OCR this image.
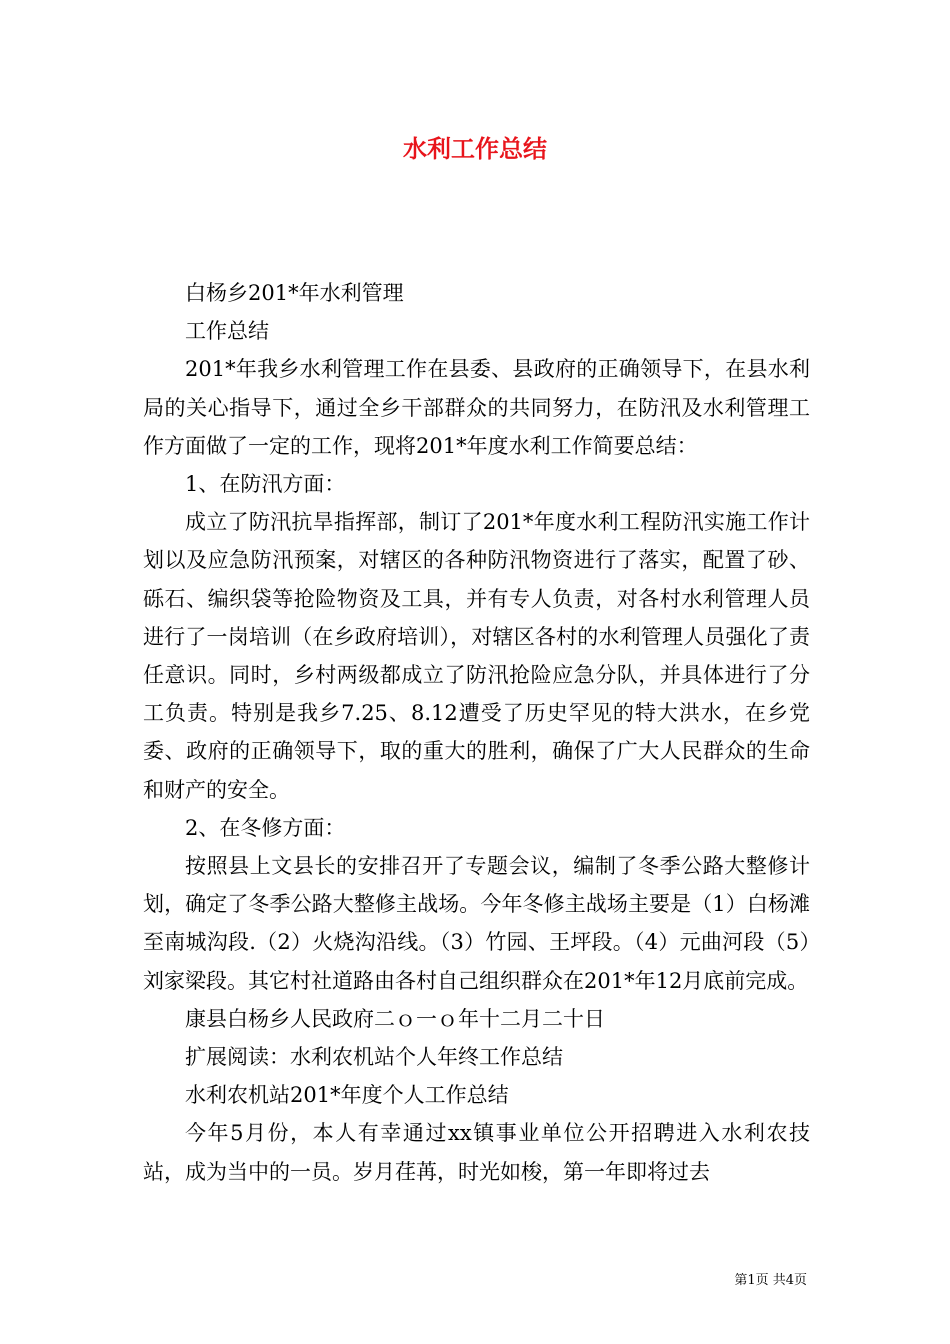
水利工作总结

白杨乡201*年水利管理

工作总结

201*年我乡水利管理工作在县委、县政府的正确领导下，在县水利局的关心指导下，通过全乡干部群众的共同努力，在防汛及水利管理工作方面做了一定的工作，现将201*年度水利工作简要总结：

1、在防汛方面：

成立了防汛抗旱指挥部，制订了201*年度水利工程防汛实施工作计划以及应急防汛预案，对辖区的各种防汛物资进行了落实，配置了砂、砾石、编织袋等抢险物资及工具，并有专人负责，对各村水利管理人员进行了一岗培训（在乡政府培训），对辖区各村的水利管理人员强化了责任意识。同时，乡村两级都成立了防汛抢险应急分队，并具体进行了分工负责。特别是我乡7.25、8.12遭受了历史罕见的特大洪水，在乡党委、政府的正确领导下，取的重大的胜利，确保了广大人民群众的生命和财产的安全。

2、在冬修方面：

按照县上文县长的安排召开了专题会议，编制了冬季公路大整修计划，确定了冬季公路大整修主战场。今年冬修主战场主要是（1）白杨滩至南城沟段.（2）火烧沟沿线。（3）竹园、王坪段。（4）元曲河段（5）刘家梁段。其它村社道路由各村自己组织群众在201*年12月底前完成。

康县白杨乡人民政府二ｏ一ｏ年十二月二十日

扩展阅读：水利农机站个人年终工作总结

水利农机站201*年度个人工作总结

今年5月份，本人有幸通过xx镇事业单位公开招聘进入水利农技站，成为当中的一员。岁月荏苒，时光如梭，第一年即将过去

第1页 共4页
